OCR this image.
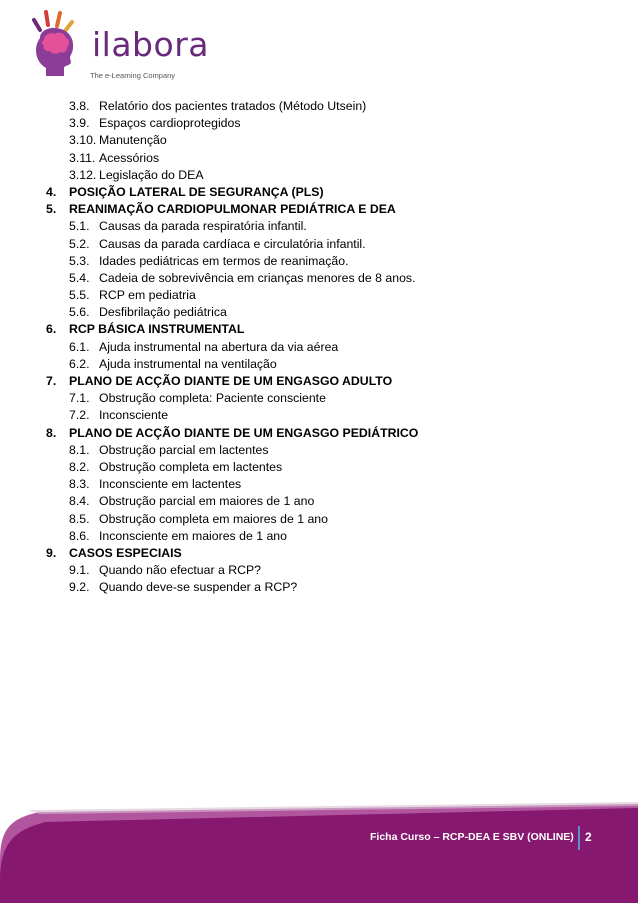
ilabora
The e-Learning Company
3.8. Relatório dos pacientes tratados (Método Utsein)
3.9. Espaços cardioprotegidos
3.10. Manutenção
3.11. Acessórios
3.12. Legislação do DEA
4. POSIÇÃO LATERAL DE SEGURANÇA (PLS)
5. REANIMAÇÃO CARDIOPULMONAR PEDIÁTRICA E DEA
5.1. Causas da parada respiratória infantil.
5.2. Causas da parada cardíaca e circulatória infantil.
5.3. Idades pediátricas em termos de reanimação.
5.4. Cadeia de sobrevivência em crianças menores de 8 anos.
5.5. RCP em pediatria
5.6. Desfibrilação pediátrica
6. RCP BÁSICA INSTRUMENTAL
6.1. Ajuda instrumental na abertura da via aérea
6.2. Ajuda instrumental na ventilação
7. PLANO DE ACÇÃO DIANTE DE UM ENGASGO ADULTO
7.1. Obstrução completa: Paciente consciente
7.2. Inconsciente
8. PLANO DE ACÇÃO DIANTE DE UM ENGASGO PEDIÁTRICO
8.1. Obstrução parcial em lactentes
8.2. Obstrução completa em lactentes
8.3. Inconsciente em lactentes
8.4. Obstrução parcial em maiores de 1 ano
8.5. Obstrução completa em maiores de 1 ano
8.6. Inconsciente em maiores de 1 ano
9. CASOS ESPECIAIS
9.1. Quando não efectuar a RCP?
9.2. Quando deve-se suspender a RCP?
Ficha Curso – RCP-DEA E SBV (ONLINE) 2
